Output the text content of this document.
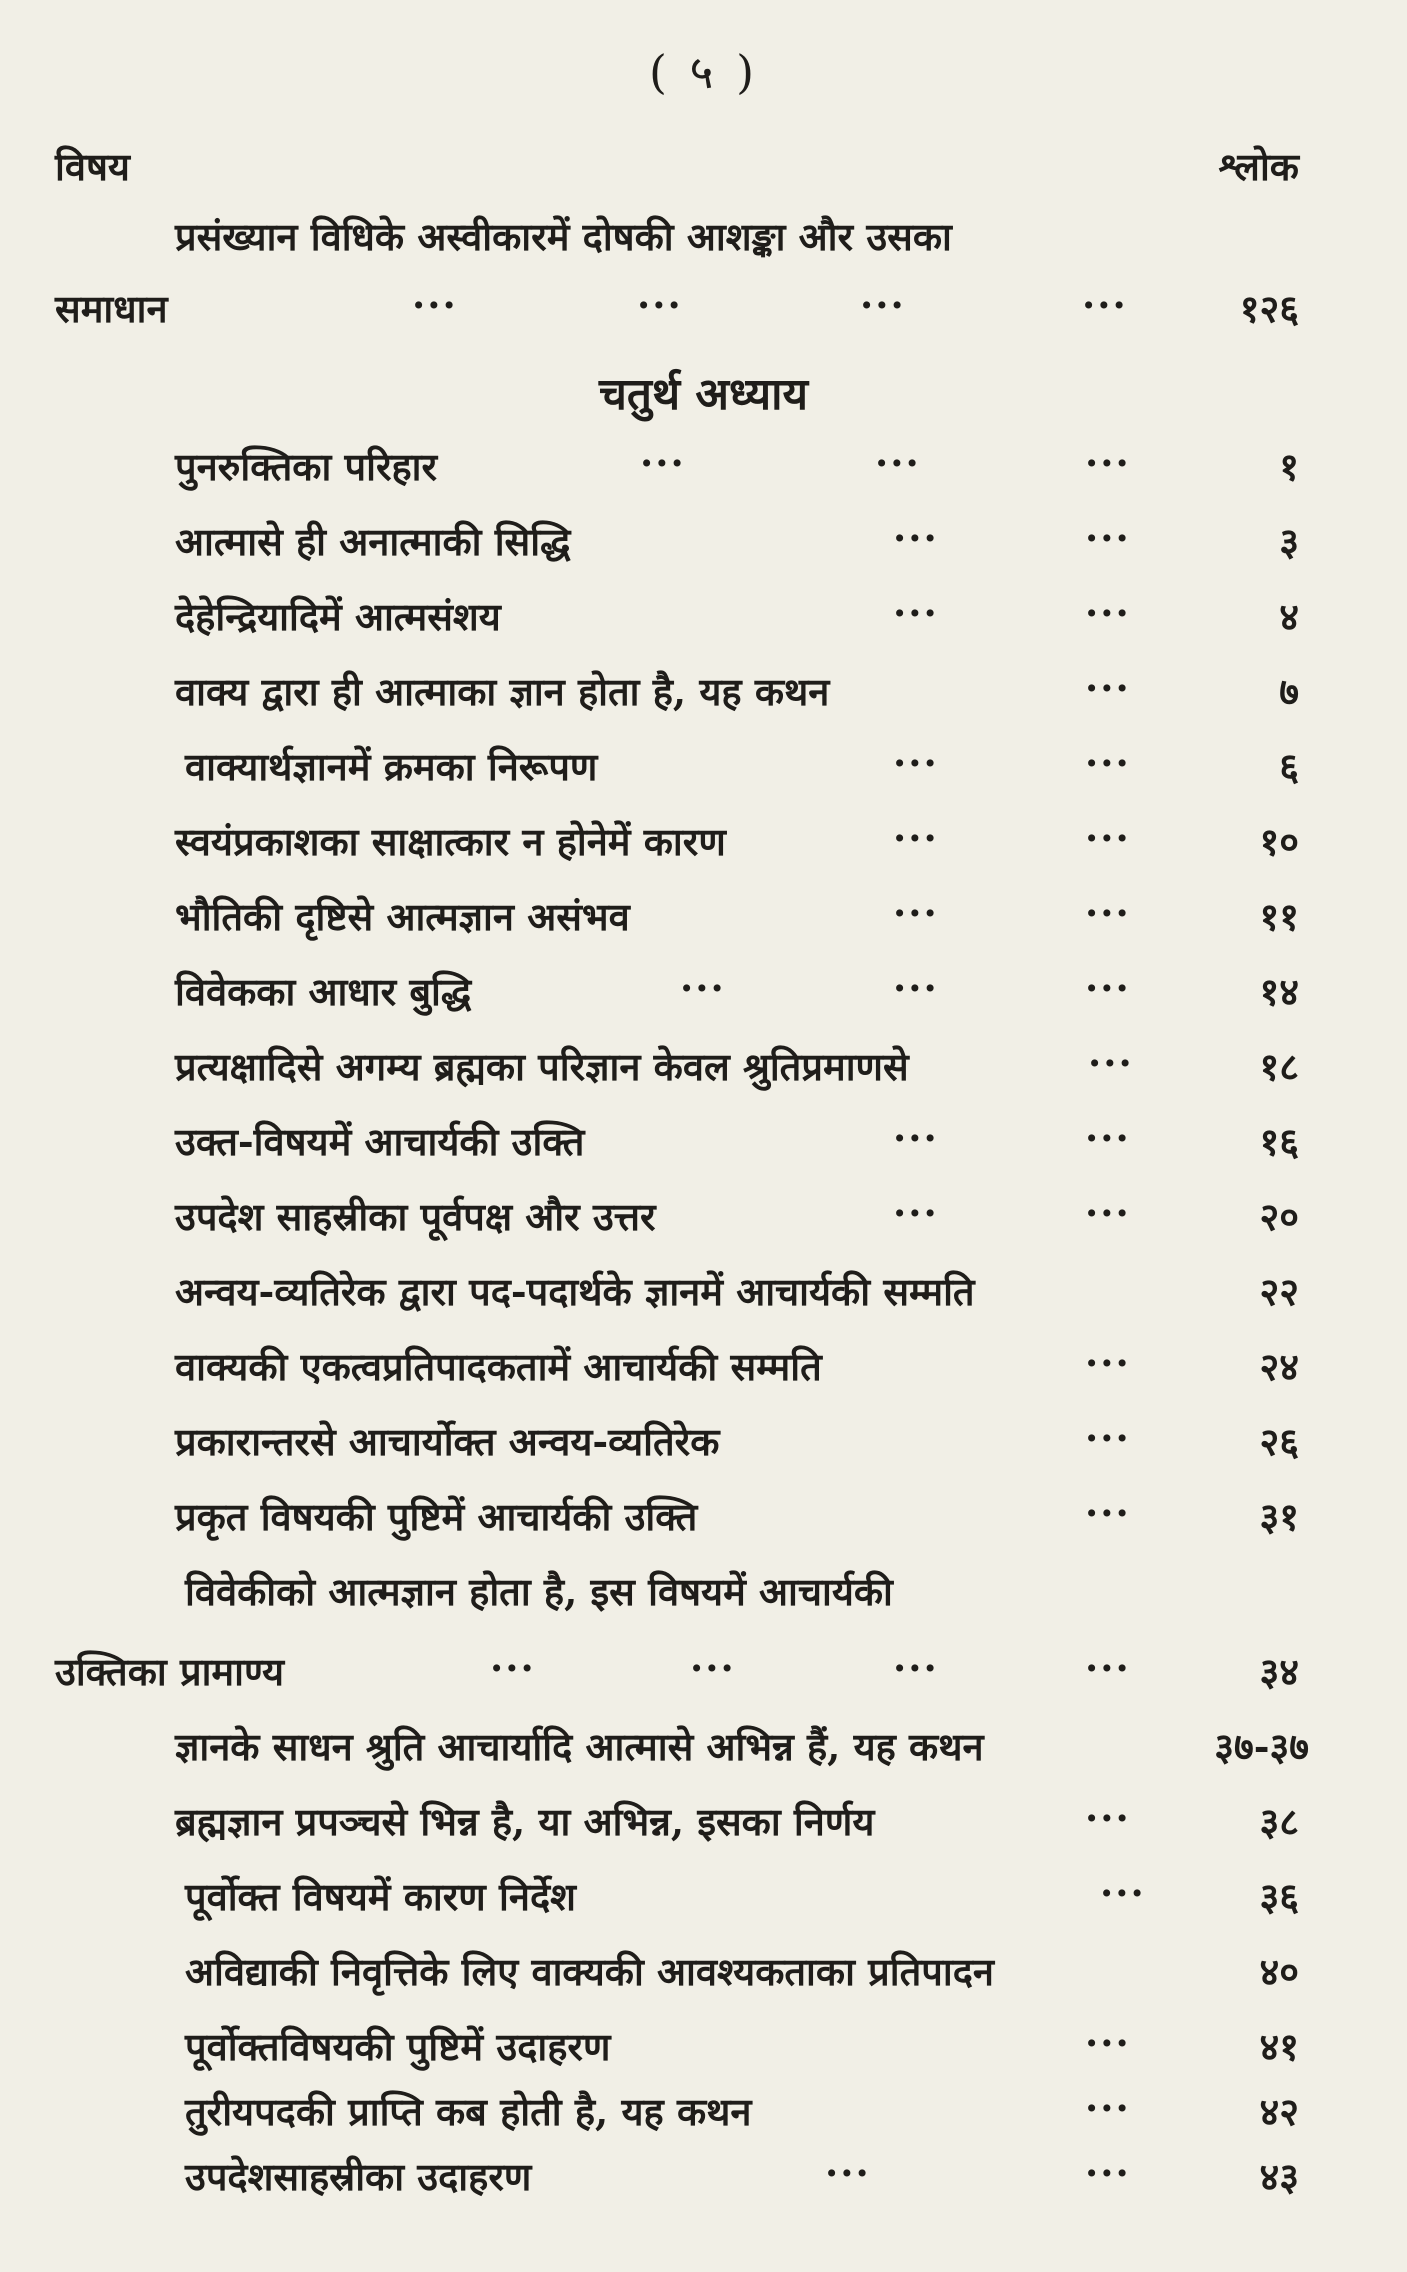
( ५ )
विषय	श्लोक
प्रसंख्यान विधिके अस्वीकारमें दोषकी आशङ्का और उसका
समाधान	...	...	...	...	१२६
चतुर्थ अध्याय
पुनरुक्तिका परिहार	...	...	...	१
आत्मासे ही अनात्माकी सिद्धि	...	...	३
देहेन्द्रियादिमें आत्मसंशय	...	...	४
वाक्य द्वारा ही आत्माका ज्ञान होता है, यह कथन	...	७
वाक्यार्थज्ञानमें क्रमका निरूपण	...	...	६
स्वयंप्रकाशका साक्षात्कार न होनेमें कारण	...	...	१०
भौतिकी दृष्टिसे आत्मज्ञान असंभव	...	...	११
विवेकका आधार बुद्धि	...	...	...	१४
प्रत्यक्षादिसे अगम्य ब्रह्मका परिज्ञान केवल श्रुतिप्रमाणसे	...	१८
उक्त-विषयमें आचार्यकी उक्ति	...	...	१६
उपदेश साहस्रीका पूर्वपक्ष और उत्तर	...	...	२०
अन्वय-व्यतिरेक द्वारा पद-पदार्थके ज्ञानमें आचार्यकी सम्मति	२२
वाक्यकी एकत्वप्रतिपादकतामें आचार्यकी सम्मति	...	२४
प्रकारान्तरसे आचार्योक्त अन्वय-व्यतिरेक	...	२६
प्रकृत विषयकी पुष्टिमें आचार्यकी उक्ति	...	३१
विवेकीको आत्मज्ञान होता है, इस विषयमें आचार्यकी
उक्तिका प्रामाण्य	...	...	...	...	३४
ज्ञानके साधन श्रुति आचार्यादि आत्मासे अभिन्न हैं, यह कथन	३७-३७
ब्रह्मज्ञान प्रपञ्चसे भिन्न है, या अभिन्न, इसका निर्णय	...	३८
पूर्वोक्त विषयमें कारण निर्देश	...	३६
अविद्याकी निवृत्तिके लिए वाक्यकी आवश्यकताका प्रतिपादन	४०
पूर्वोक्तविषयकी पुष्टिमें उदाहरण	...	४१
तुरीयपदकी प्राप्ति कब होती है, यह कथन	...	४२
उपदेशसाहस्रीका उदाहरण	...	...	४३
